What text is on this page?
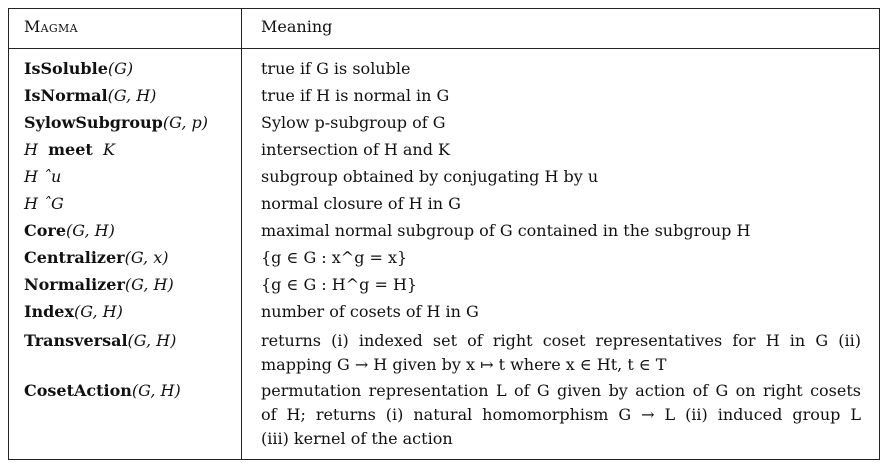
Magma	Meaning
IsSoluble(G)	true if G is soluble
IsNormal(G, H)	true if H is normal in G
SylowSubgroup(G, p)	Sylow p-subgroup of G
H meet K	intersection of H and K
H ˆu	subgroup obtained by conjugating H by u
H ˆG	normal closure of H in G
Core(G, H)	maximal normal subgroup of G contained in the subgroup H
Centralizer(G, x)	{g ∈ G : x^g = x}
Normalizer(G, H)	{g ∈ G : H^g = H}
Index(G, H)	number of cosets of H in G
Transversal(G, H)	returns (i) indexed set of right coset representatives for H in G (ii)
mapping G → H given by x ↦ t where x ∈ Ht, t ∈ T
CosetAction(G, H)	permutation representation L of G given by action of G on right cosets
of H; returns (i) natural homomorphism G → L (ii) induced group L
(iii) kernel of the action
